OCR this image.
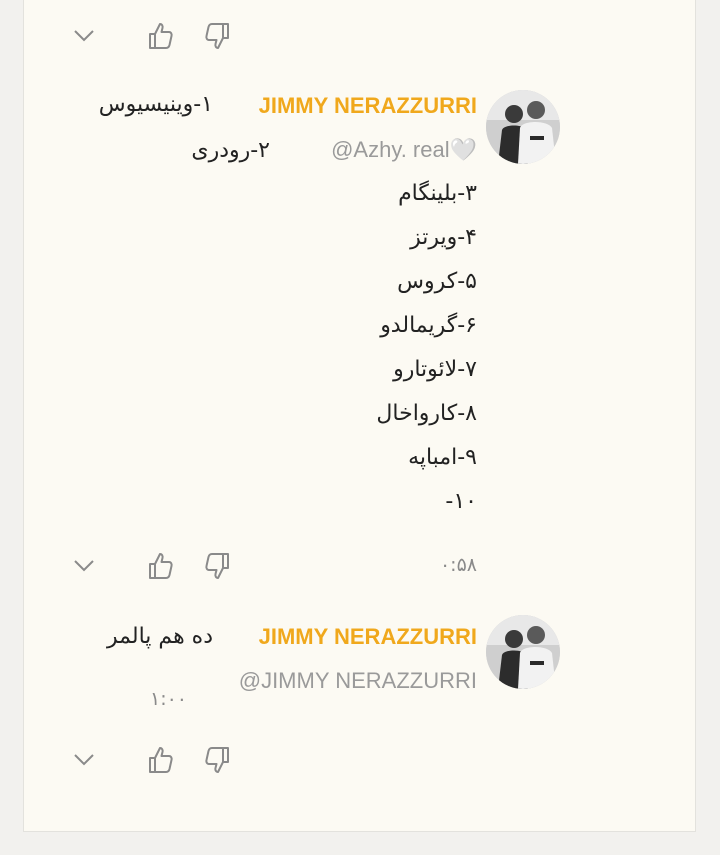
JIMMY NERAZZURRI
۱-وینیسیوس
@Azhy. real🤍
۲-رودری
۳-بلینگام
۴-ویرتز
۵-کروس
۶-گریمالدو
۷-لائوتارو
۸-کارواخال
۹-امباپه
۱۰-
۰:۵۸
JIMMY NERAZZURRI
ده هم پالمر
@JIMMY NERAZZURRI
۱:۰۰
